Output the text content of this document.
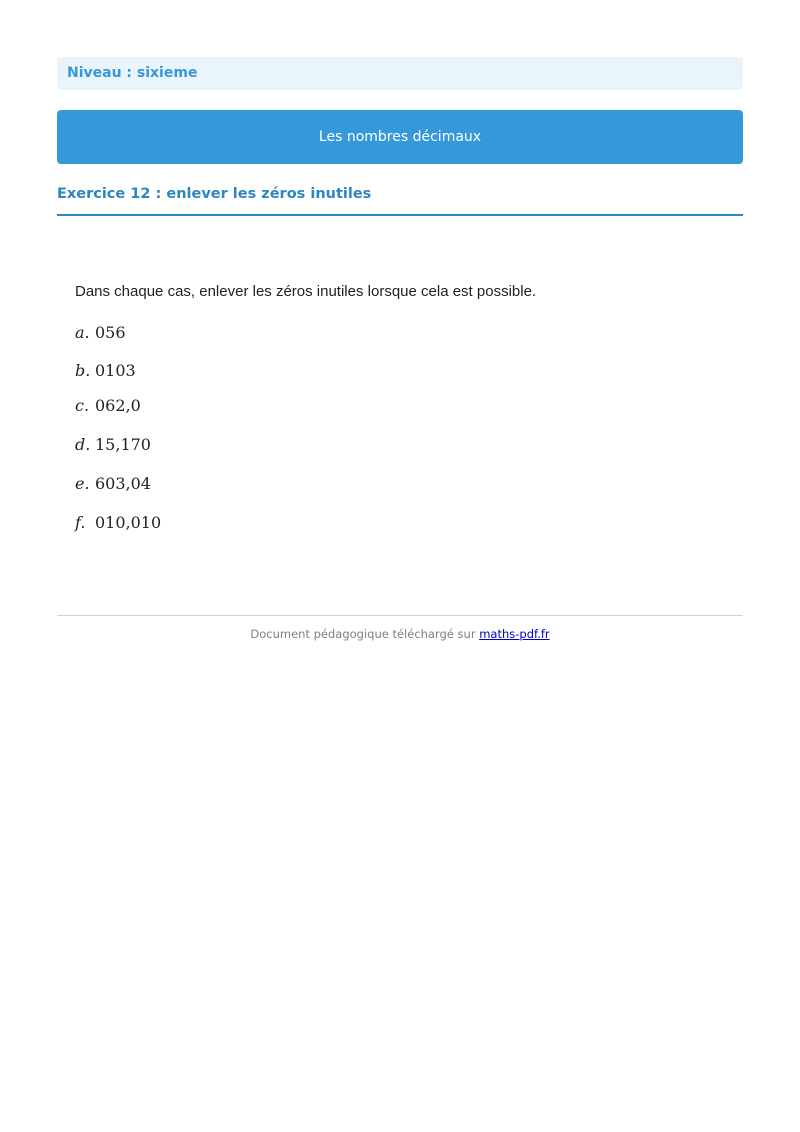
Niveau : sixieme
Les nombres décimaux
Exercice 12 : enlever les zéros inutiles

Dans chaque cas, enlever les zéros inutiles lorsque cela est possible.

a. 056
b. 0103
c. 062,0
d. 15,170
e. 603,04
f. 010,010
Document pédagogique téléchargé sur maths-pdf.fr
